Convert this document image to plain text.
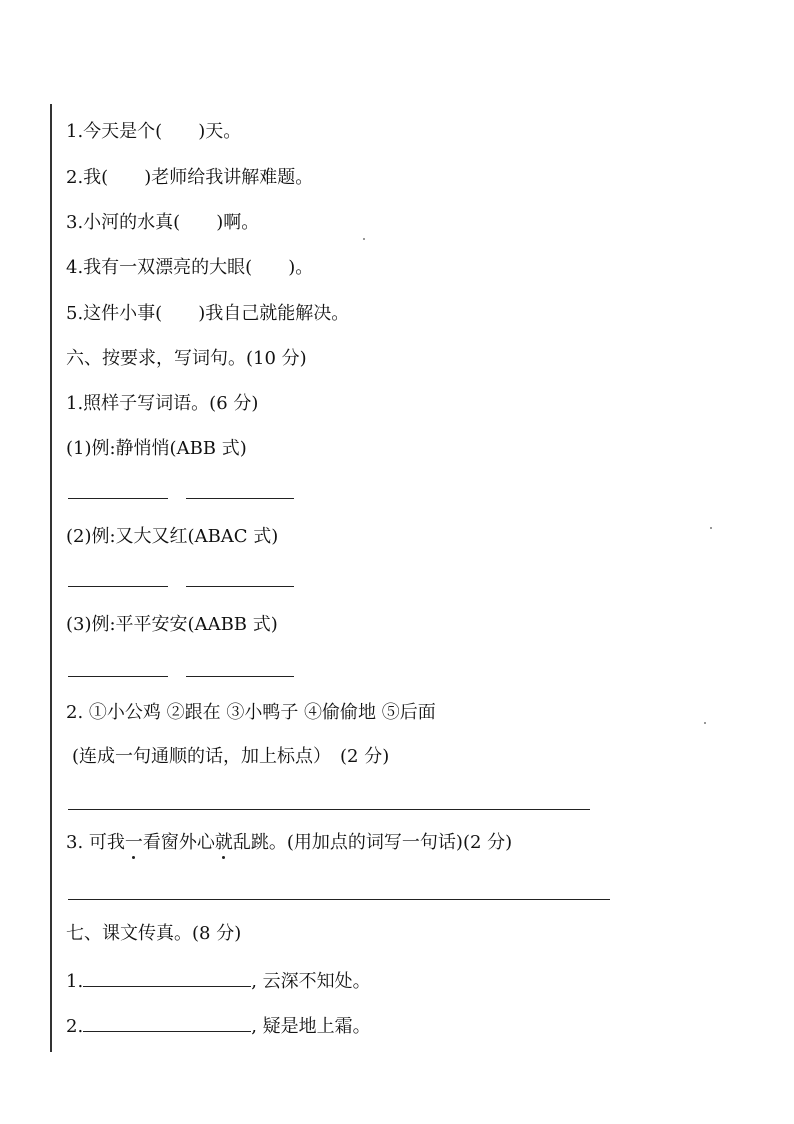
1.今天是个(　　 )天。
2.我(　　 )老师给我讲解难题。
3.小河的水真(　　 )啊。
4.我有一双漂亮的大眼(　　 )。
5.这件小事(　　 )我自己就能解决。
六、按要求，写词句。(10 分)
1.照样子写词语。(6 分)
(1)例:静悄悄(ABB 式)
(2)例:又大又红(ABAC 式)
(3)例:平平安安(AABB 式)
2. ①小公鸡 ②跟在 ③小鸭子 ④偷偷地 ⑤后面
(连成一句通顺的话，加上标点）　(2 分)
3. 可我一看窗外心就乱跳。(用加点的词写一句话)(2 分)
七、课文传真。(8 分)
1.	, 云深不知处。
2.	, 疑是地上霜。
